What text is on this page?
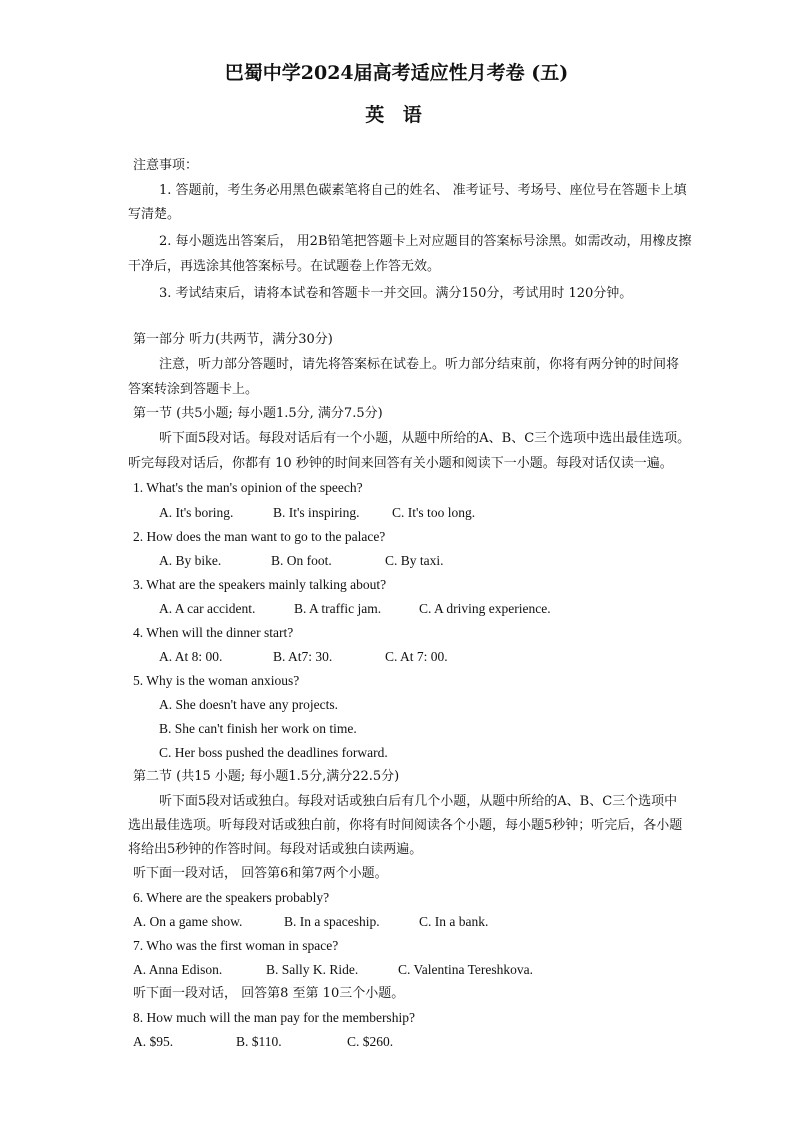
巴蜀中学2024届高考适应性月考卷 (五)
英 语
注意事项：
1. 答题前，考生务必用黑色碳素笔将自己的姓名、 准考证号、考场号、座位号在答题卡上填
写清楚。
2. 每小题选出答案后， 用2B铅笔把答题卡上对应题目的答案标号涂黑。如需改动，用橡皮擦
干净后，再选涂其他答案标号。在试题卷上作答无效。
3. 考试结束后，请将本试卷和答题卡一并交回。满分150分，考试用时 120分钟。
第一部分 听力(共两节，满分30分)
注意，听力部分答题时，请先将答案标在试卷上。听力部分结束前，你将有两分钟的时间将
答案转涂到答题卡上。
第一节 (共5小题; 每小题1.5分, 满分7.5分)
听下面5段对话。每段对话后有一个小题，从题中所给的A、B、C三个选项中选出最佳选项。
听完每段对话后，你都有 10 秒钟的时间来回答有关小题和阅读下一小题。每段对话仅读一遍。
1. What's the man's opinion of the speech?
A. It's boring.	B. It's inspiring. C. It's too long.
2. How does the man want to go to the palace?
A. By bike.	B. On foot.	C. By taxi.
3. What are the speakers mainly talking about?
A. A car accident.	B. A traffic jam.	C. A driving experience.
4. When will the dinner start?
A. At 8: 00.	B. At7: 30.	C. At 7: 00.
5. Why is the woman anxious?
A. She doesn't have any projects.
B. She can't finish her work on time.
C. Her boss pushed the deadlines forward.
第二节 (共15 小题; 每小题1.5分,满分22.5分)
听下面5段对话或独白。每段对话或独白后有几个小题，从题中所给的A、B、C三个选项中
选出最佳选项。听每段对话或独白前，你将有时间阅读各个小题，每小题5秒钟；听完后，各小题
将给出5秒钟的作答时间。每段对话或独白读两遍。
听下面一段对话， 回答第6和第7两个小题。
6. Where are the speakers probably?
A. On a game show.	B. In a spaceship.	C. In a bank.
7. Who was the first woman in space?
A. Anna Edison.	B. Sally K. Ride.	C. Valentina Tereshkova.
听下面一段对话， 回答第8 至第 10三个小题。
8. How much will the man pay for the membership?
A. $95.	B. $110.	C. $260.
